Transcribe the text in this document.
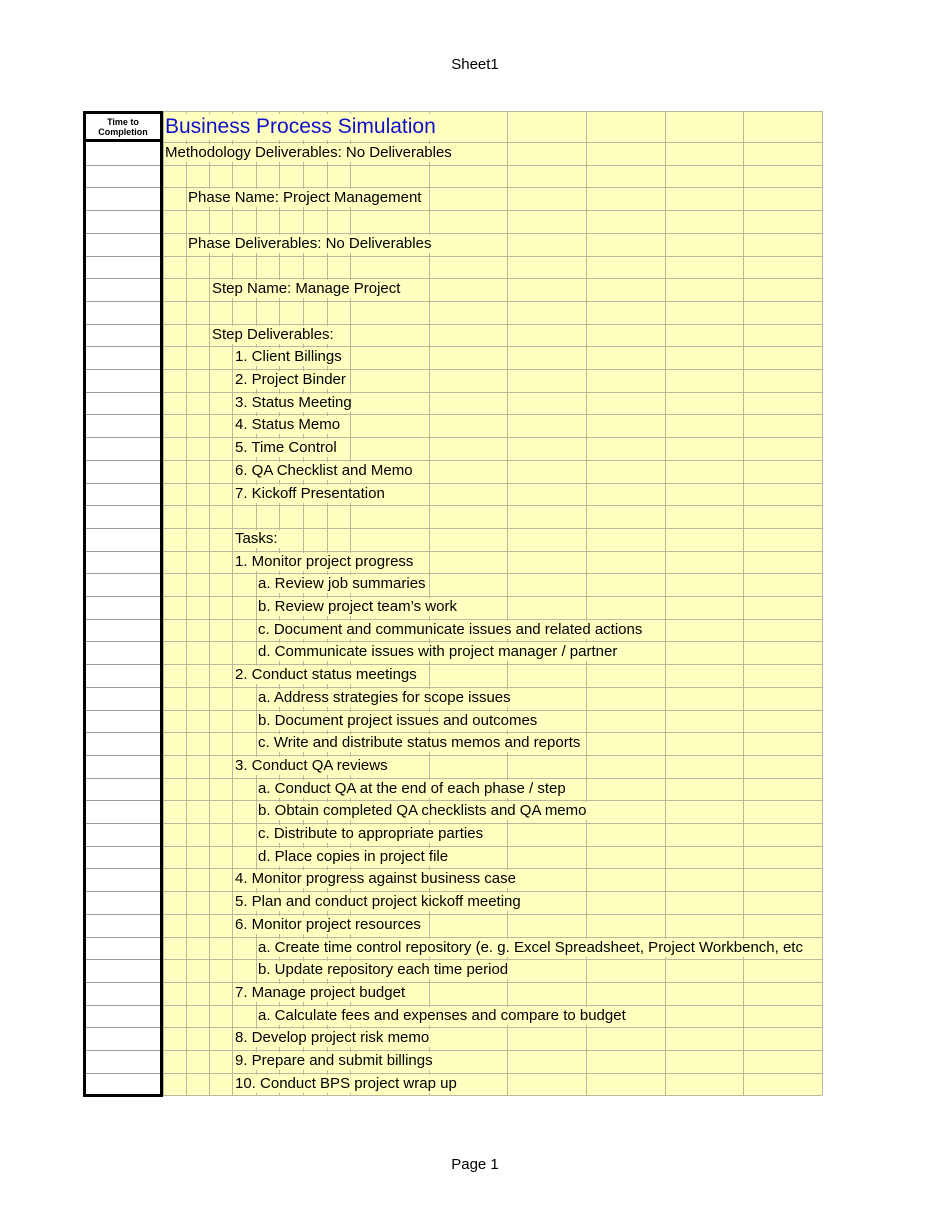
Sheet1
Time to
Completion Business Process Simulation
Methodology Deliverables: No Deliverables
Phase Name: Project Management
Phase Deliverables: No Deliverables
Step Name: Manage Project
Step Deliverables:
1. Client Billings
2. Project Binder
3. Status Meeting
4. Status Memo
5. Time Control
6. QA Checklist and Memo
7. Kickoff Presentation
Tasks:
1. Monitor project progress
a. Review job summaries
b. Review project team’s work
c. Document and communicate issues and related actions
d. Communicate issues with project manager / partner
2. Conduct status meetings
a. Address strategies for scope issues
b. Document project issues and outcomes
c. Write and distribute status memos and reports
3. Conduct QA reviews
a. Conduct QA at the end of each phase / step
b. Obtain completed QA checklists and QA memo
c. Distribute to appropriate parties
d. Place copies in project file
4. Monitor progress against business case
5. Plan and conduct project kickoff meeting
6. Monitor project resources
a. Create time control repository (e. g. Excel Spreadsheet, Project Workbench, etc
b. Update repository each time period
7. Manage project budget
a. Calculate fees and expenses and compare to budget
8. Develop project risk memo
9. Prepare and submit billings
10. Conduct BPS project wrap up
Page 1
